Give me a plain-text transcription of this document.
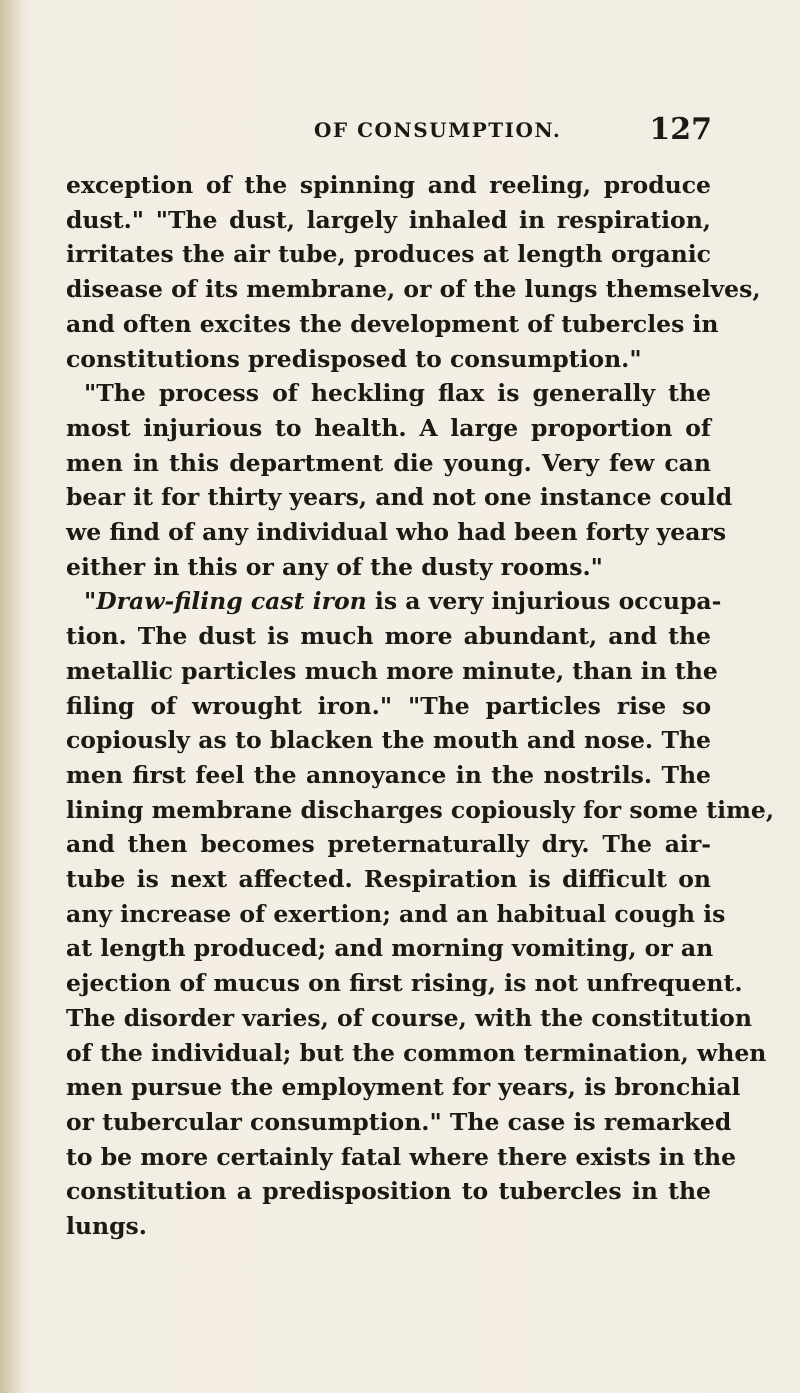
OF CONSUMPTION.	127
exception of the spinning and reeling, produce
dust." "The dust, largely inhaled in respiration,
irritates the air tube, produces at length organic
disease of its membrane, or of the lungs themselves,
and often excites the development of tubercles in
constitutions predisposed to consumption."
"The process of heckling flax is generally the
most injurious to health. A large proportion of
men in this department die young. Very few can
bear it for thirty years, and not one instance could
we find of any individual who had been forty years
either in this or any of the dusty rooms."
"Draw-filing cast iron is a very injurious occupa-
tion. The dust is much more abundant, and the
metallic particles much more minute, than in the
filing of wrought iron." "The particles rise so
copiously as to blacken the mouth and nose. The
men first feel the annoyance in the nostrils. The
lining membrane discharges copiously for some time,
and then becomes preternaturally dry. The air-
tube is next affected. Respiration is difficult on
any increase of exertion; and an habitual cough is
at length produced; and morning vomiting, or an
ejection of mucus on first rising, is not unfrequent.
The disorder varies, of course, with the constitution
of the individual; but the common termination, when
men pursue the employment for years, is bronchial
or tubercular consumption." The case is remarked
to be more certainly fatal where there exists in the
constitution a predisposition to tubercles in the
lungs.
